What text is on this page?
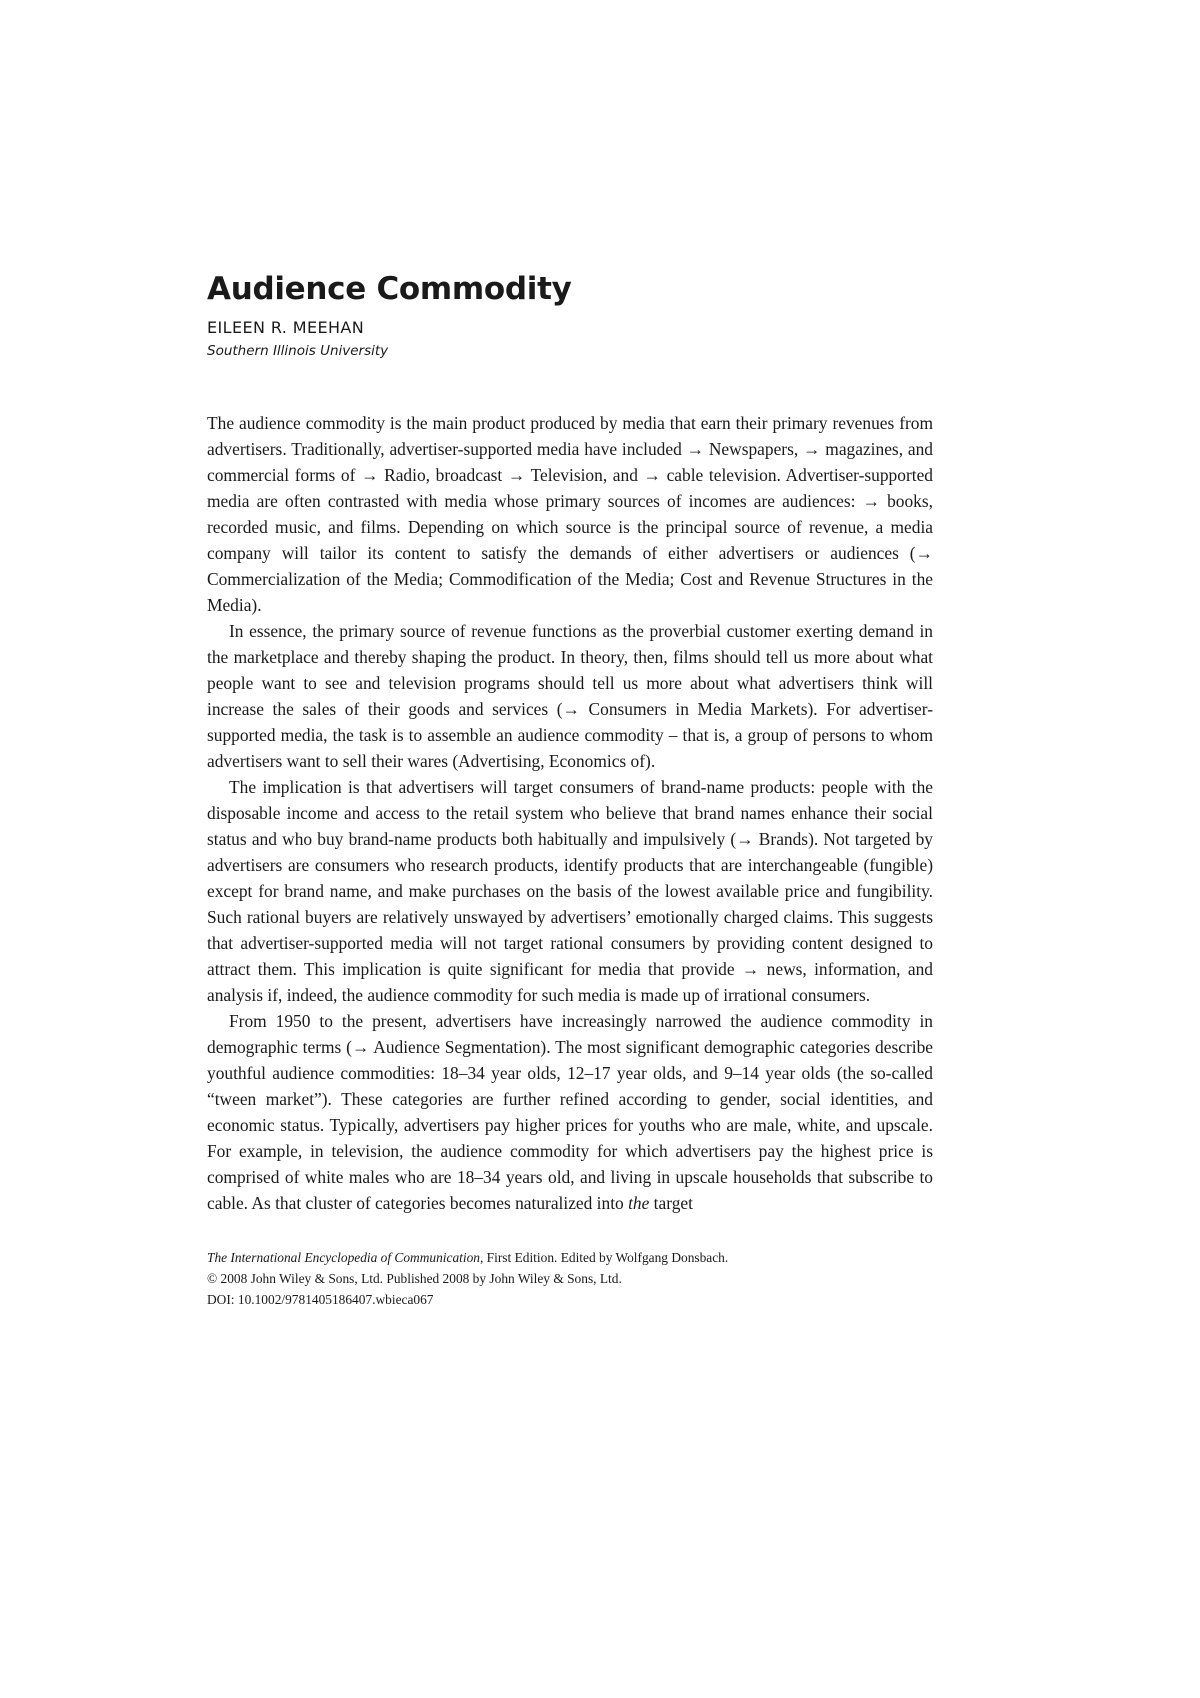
Audience Commodity

EILEEN R. MEEHAN

Southern Illinois University

The audience commodity is the main product produced by media that earn their primary revenues from advertisers. Traditionally, advertiser-supported media have included → Newspapers, → magazines, and commercial forms of → Radio, broadcast → Television, and → cable television. Advertiser-supported media are often contrasted with media whose primary sources of incomes are audiences: → books, recorded music, and films. Depending on which source is the principal source of revenue, a media company will tailor its content to satisfy the demands of either advertisers or audiences (→ Commercialization of the Media; Commodification of the Media; Cost and Revenue Structures in the Media).

In essence, the primary source of revenue functions as the proverbial customer exerting demand in the marketplace and thereby shaping the product. In theory, then, films should tell us more about what people want to see and television programs should tell us more about what advertisers think will increase the sales of their goods and services (→ Consumers in Media Markets). For advertiser-supported media, the task is to assemble an audience commodity – that is, a group of persons to whom advertisers want to sell their wares (Advertising, Economics of).

The implication is that advertisers will target consumers of brand-name products: people with the disposable income and access to the retail system who believe that brand names enhance their social status and who buy brand-name products both habitually and impulsively (→ Brands). Not targeted by advertisers are consumers who research products, identify products that are interchangeable (fungible) except for brand name, and make purchases on the basis of the lowest available price and fungibility. Such rational buyers are relatively unswayed by advertisers’ emotionally charged claims. This suggests that advertiser-supported media will not target rational consumers by providing content designed to attract them. This implication is quite significant for media that provide → news, information, and analysis if, indeed, the audience commodity for such media is made up of irrational consumers.

From 1950 to the present, advertisers have increasingly narrowed the audience commodity in demographic terms (→ Audience Segmentation). The most significant demographic categories describe youthful audience commodities: 18–34 year olds, 12–17 year olds, and 9–14 year olds (the so-called “tween market”). These categories are further refined according to gender, social identities, and economic status. Typically, advertisers pay higher prices for youths who are male, white, and upscale. For example, in television, the audience commodity for which advertisers pay the highest price is comprised of white males who are 18–34 years old, and living in upscale households that subscribe to cable. As that cluster of categories becomes naturalized into the target

The International Encyclopedia of Communication, First Edition. Edited by Wolfgang Donsbach.
© 2008 John Wiley & Sons, Ltd. Published 2008 by John Wiley & Sons, Ltd.
DOI: 10.1002/9781405186407.wbieca067
